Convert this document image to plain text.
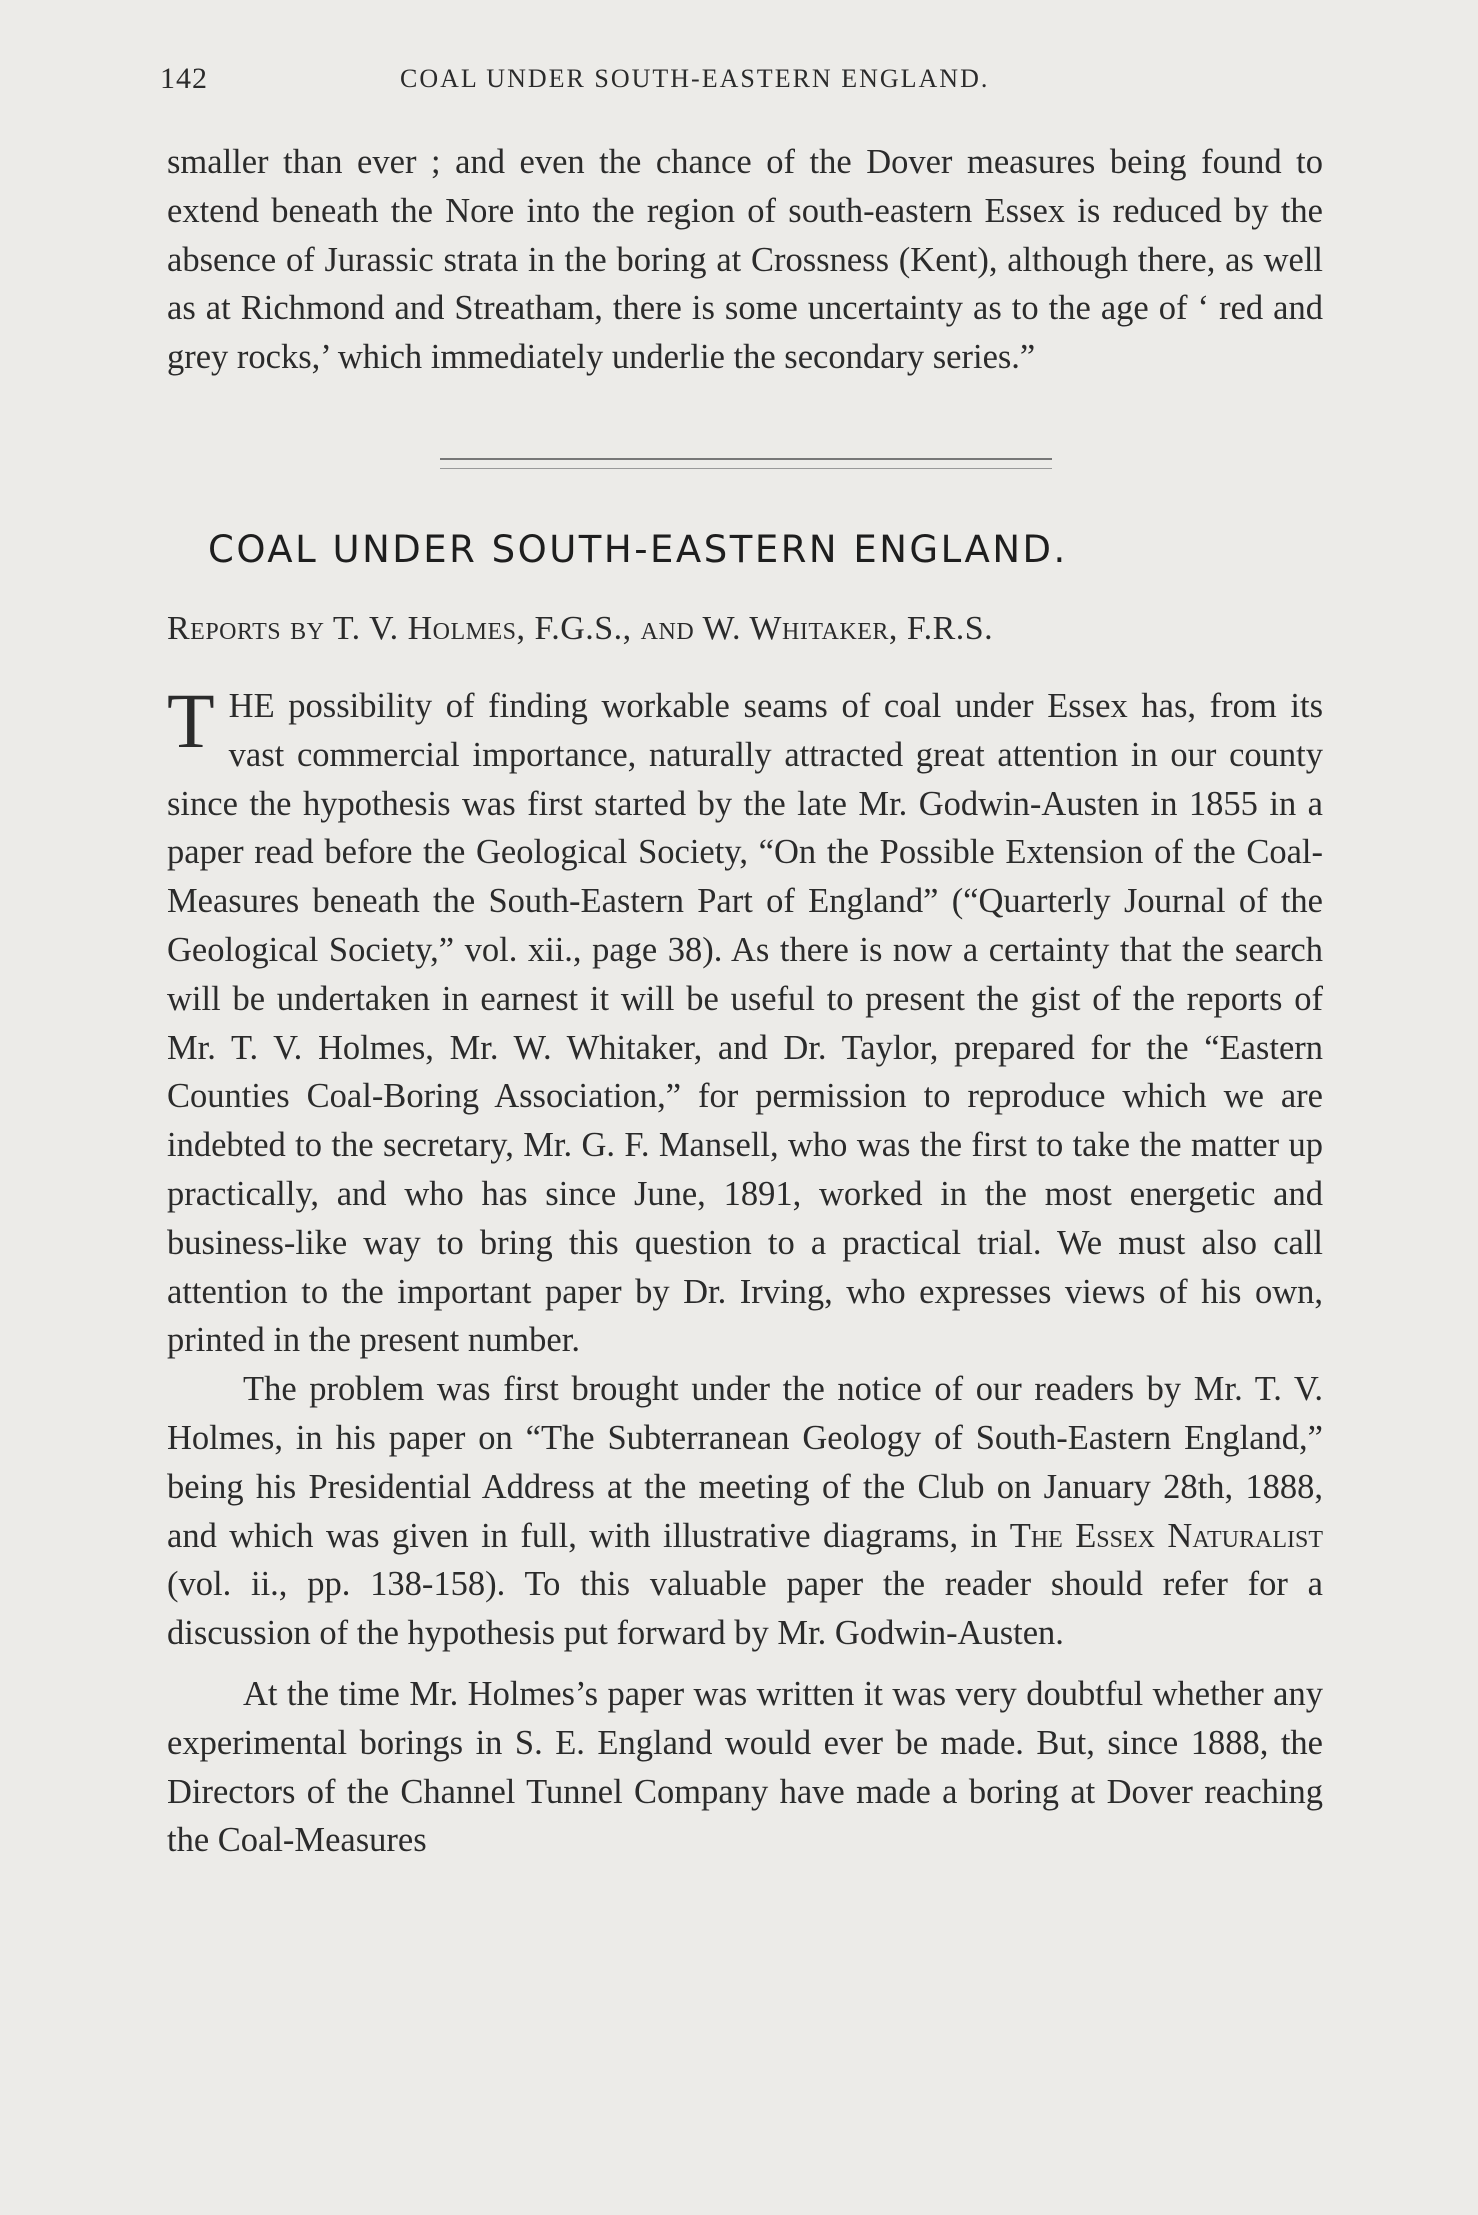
142	COAL UNDER SOUTH-EASTERN ENGLAND.

smaller than ever ; and even the chance of the Dover measures being found to extend beneath the Nore into the region of south-eastern Essex is reduced by the absence of Jurassic strata in the boring at Crossness (Kent), although there, as well as at Richmond and Streatham, there is some uncertainty as to the age of ‘ red and grey rocks,’ which immediately underlie the secondary series.”

COAL UNDER SOUTH-EASTERN ENGLAND.
Reports by T. V. Holmes, F.G.S., and W. Whitaker, F.R.S.

THE possibility of finding workable seams of coal under Essex has, from its vast commercial importance, naturally attracted great attention in our county since the hypothesis was first started by the late Mr. Godwin-Austen in 1855 in a paper read before the Geological Society, “On the Possible Extension of the Coal-Measures beneath the South-Eastern Part of England” (“Quarterly Journal of the Geological Society,” vol. xii., page 38). As there is now a certainty that the search will be undertaken in earnest it will be useful to present the gist of the reports of Mr. T. V. Holmes, Mr. W. Whitaker, and Dr. Taylor, prepared for the “Eastern Counties Coal-Boring Association,” for permission to reproduce which we are indebted to the secretary, Mr. G. F. Mansell, who was the first to take the matter up practically, and who has since June, 1891, worked in the most energetic and business-like way to bring this question to a practical trial. We must also call attention to the important paper by Dr. Irving, who expresses views of his own, printed in the present number.

The problem was first brought under the notice of our readers by Mr. T. V. Holmes, in his paper on “The Subterranean Geology of South-Eastern England,” being his Presidential Address at the meeting of the Club on January 28th, 1888, and which was given in full, with illustrative diagrams, in The Essex Naturalist (vol. ii., pp. 138-158). To this valuable paper the reader should refer for a discussion of the hypothesis put forward by Mr. Godwin-Austen.

At the time Mr. Holmes’s paper was written it was very doubtful whether any experimental borings in S. E. England would ever be made. But, since 1888, the Directors of the Channel Tunnel Company have made a boring at Dover reaching the Coal-Measures
